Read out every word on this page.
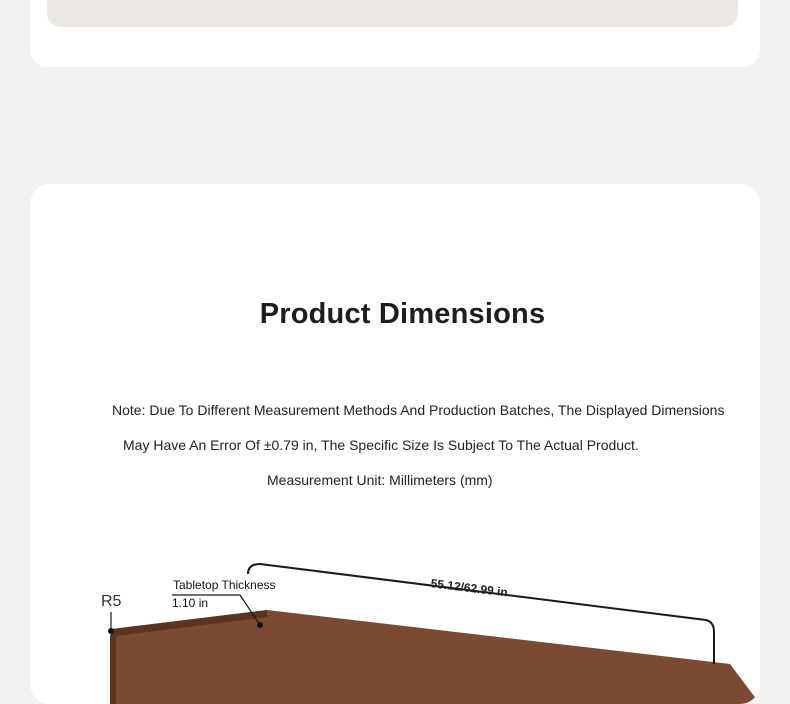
Product Dimensions
Note: Due To Different Measurement Methods And Production Batches, The Displayed Dimensions
May Have An Error Of ±0.79 in, The Specific Size Is Subject To The Actual Product.
Measurement Unit: Millimeters (mm)
55.12/62.99 in
Tabletop Thickness
1.10 in
R5
